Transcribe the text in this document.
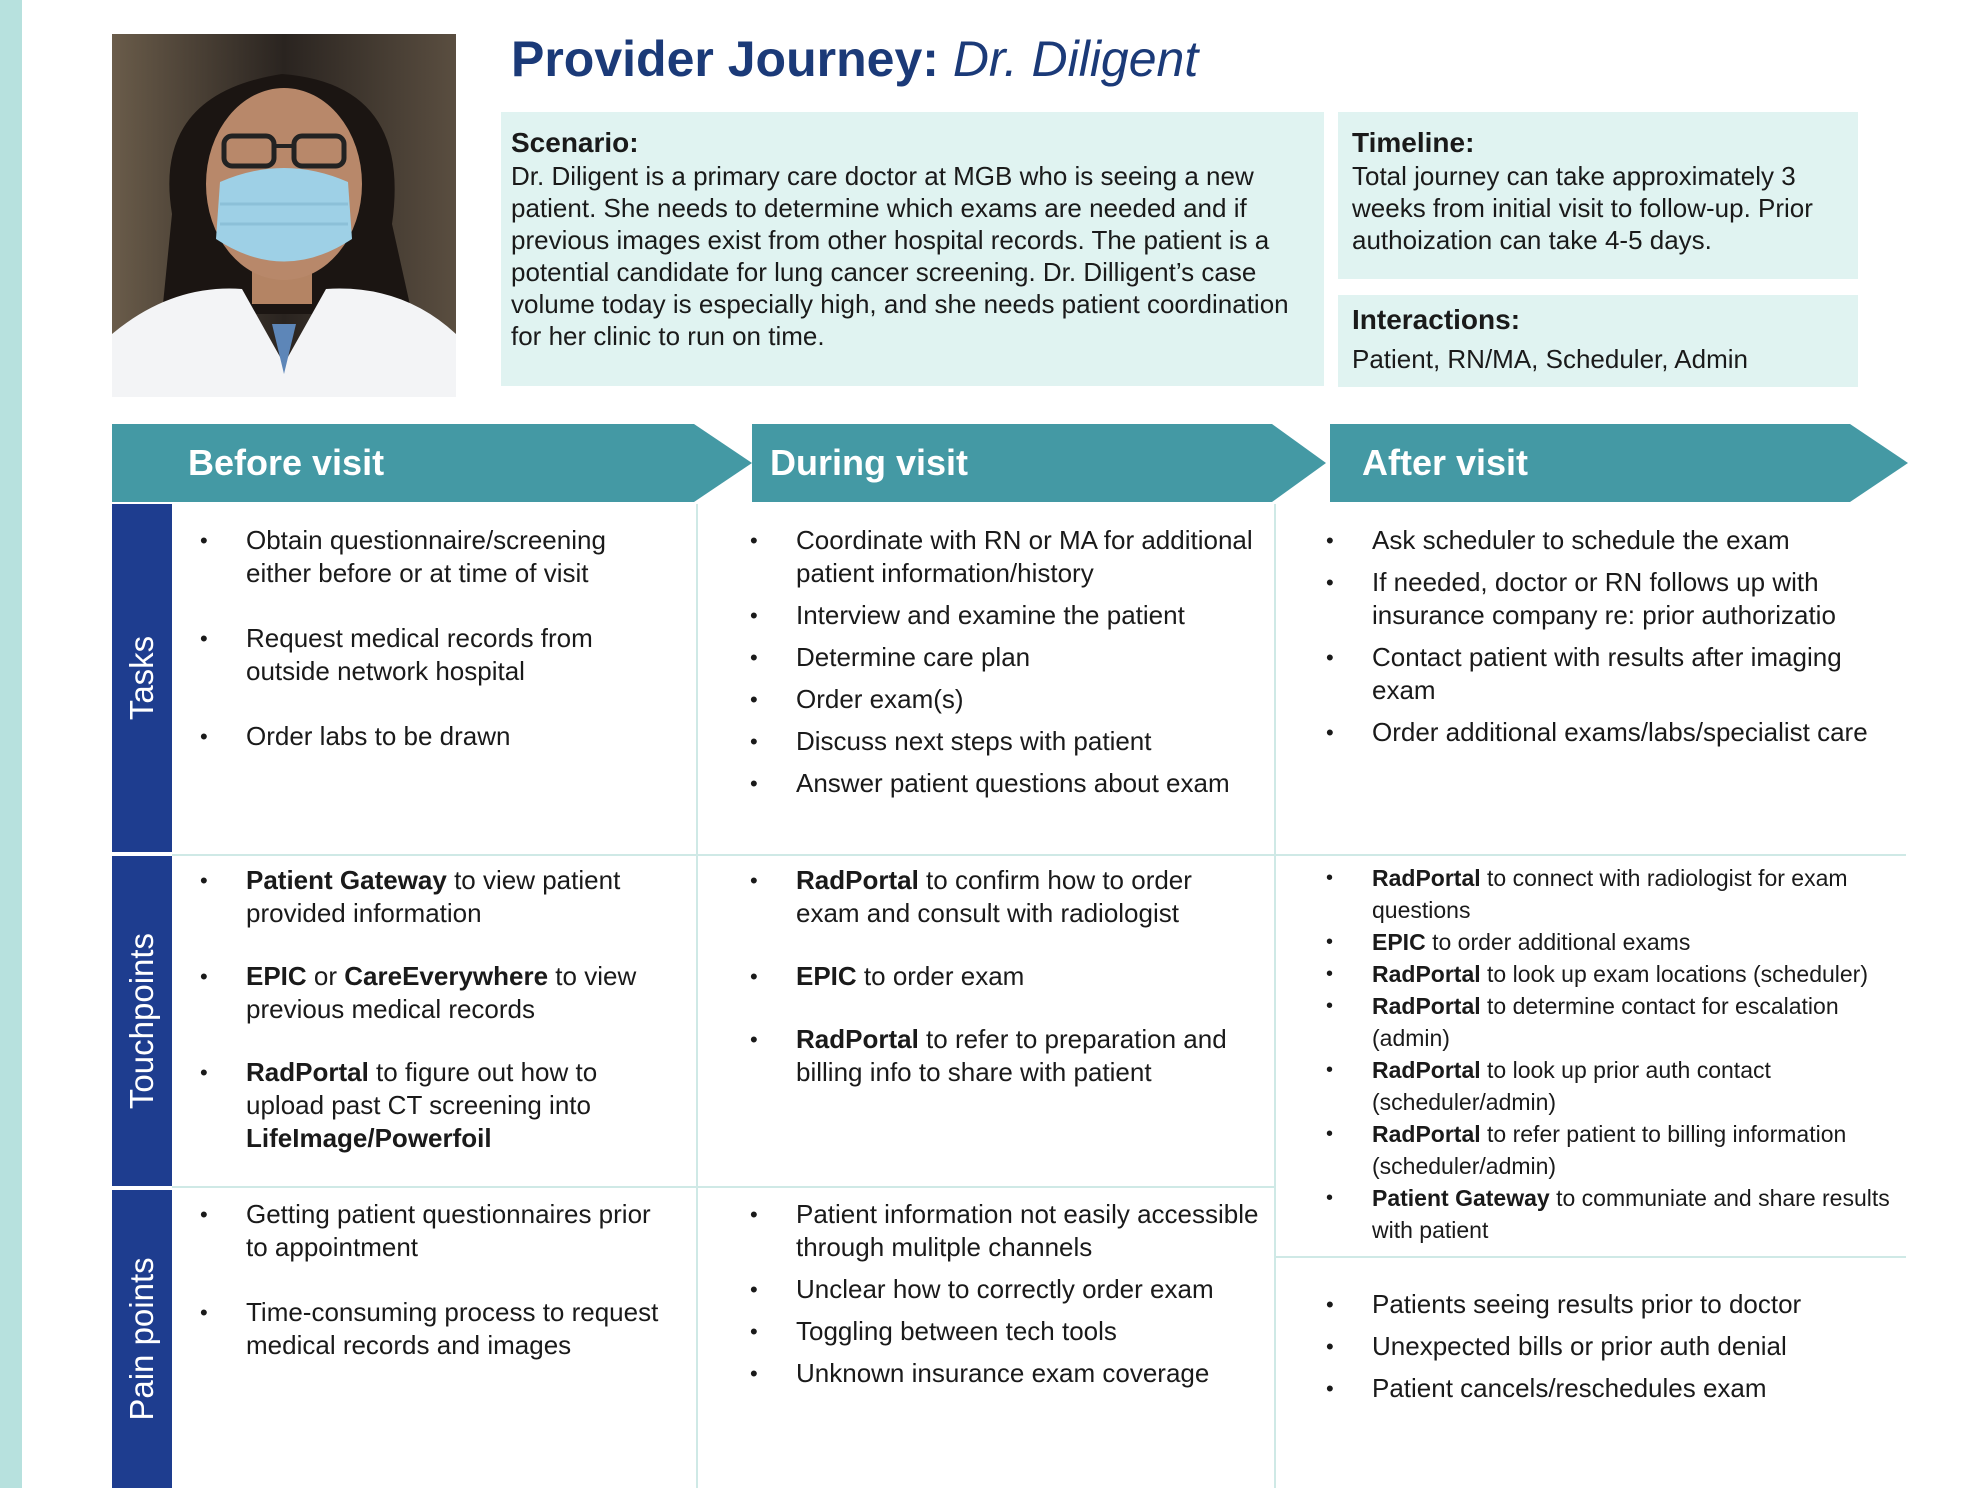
Provider Journey: Dr. Diligent
Scenario:

Dr. Diligent is a primary care doctor at MGB who is seeing a new patient. She needs to determine which exams are needed and if previous images exist from other hospital records. The patient is a potential candidate for lung cancer screening. Dr. Dilligent’s case volume today is especially high, and she needs patient coordination for her clinic to run on time.

Timeline:

Total journey can take approximately 3 weeks from initial visit to follow-up. Prior authoization can take 4-5 days.

Interactions:

Patient, RN/MA, Scheduler, Admin

Before visit	During visit	After visit
Tasks
Touchpoints
Pain points
• Obtain questionnaire/screening either before or at time of visit
• Request medical records from outside network hospital
• Order labs to be drawn
• Coordinate with RN or MA for additional patient information/history
• Interview and examine the patient
• Determine care plan
• Order exam(s)
• Discuss next steps with patient
• Answer patient questions about exam
• Ask scheduler to schedule the exam
• If needed, doctor or RN follows up with insurance company re: prior authorizatio
• Contact patient with results after imaging exam
• Order additional exams/labs/specialist care
• Patient Gateway to view patient provided information
• EPIC or CareEverywhere to view previous medical records
• RadPortal to figure out how to upload past CT screening into LifeImage/Powerfoil
• RadPortal to confirm how to order exam and consult with radiologist
• EPIC to order exam
• RadPortal to refer to preparation and billing info to share with patient
• RadPortal to connect with radiologist for exam questions
• EPIC to order additional exams
• RadPortal to look up exam locations (scheduler)
• RadPortal to determine contact for escalation (admin)
• RadPortal to look up prior auth contact (scheduler/admin)
• RadPortal to refer patient to billing information (scheduler/admin)
• Patient Gateway to communiate and share results with patient
• Getting patient questionnaires prior to appointment
• Time-consuming process to request medical records and images
• Patient information not easily accessible through mulitple channels
• Unclear how to correctly order exam
• Toggling between tech tools
• Unknown insurance exam coverage
• Patients seeing results prior to doctor
• Unexpected bills or prior auth denial
• Patient cancels/reschedules exam
